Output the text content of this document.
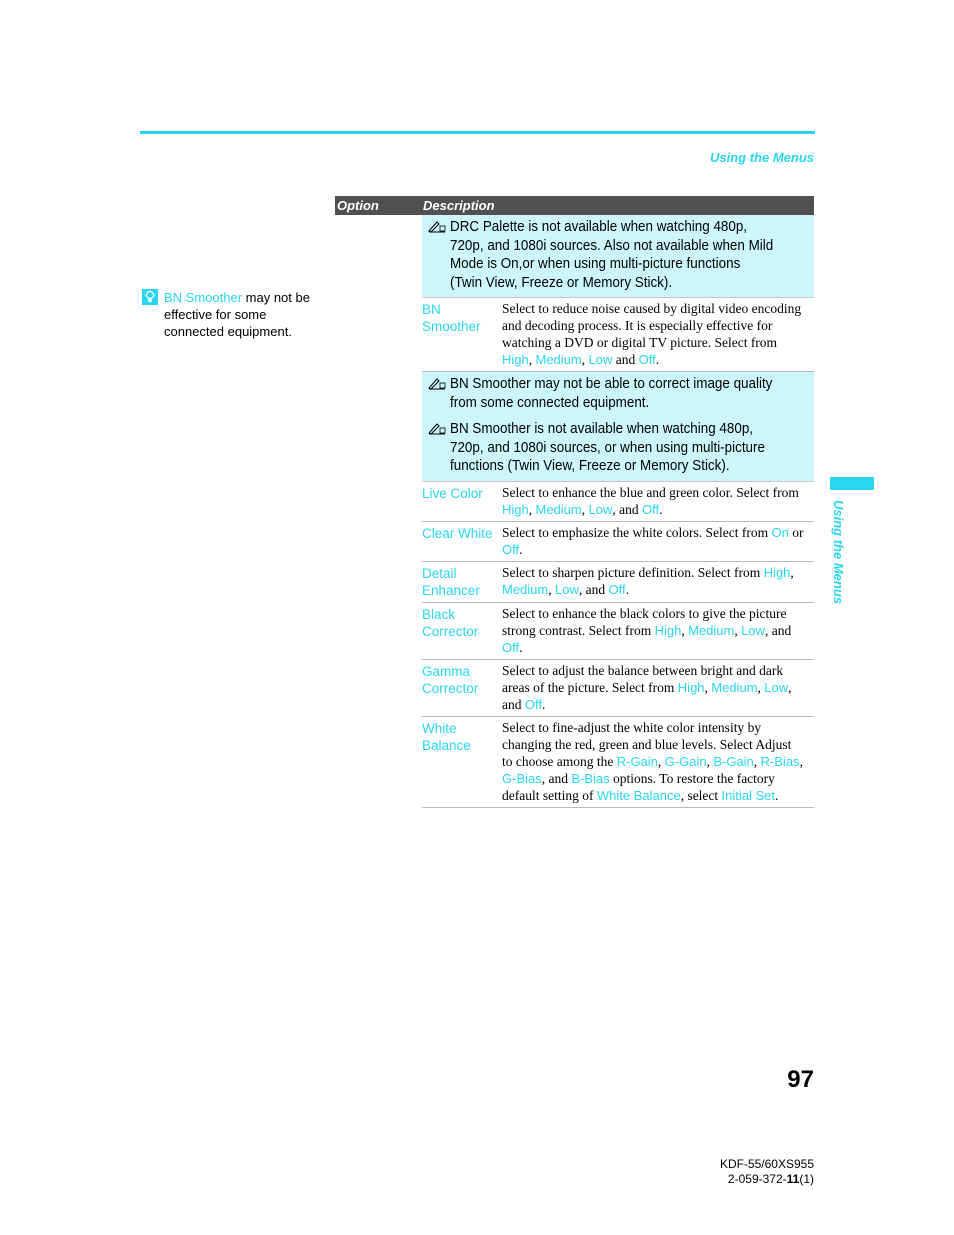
Using the Menus
Using the Menus
BN Smoother may not be effective for some connected equipment.
Option	Description
DRC Palette is not available when watching 480p, 720p, and 1080i sources. Also not available when Mild Mode is On,or when using multi-picture functions (Twin View, Freeze or Memory Stick).
BN Smoother
Select to reduce noise caused by digital video encoding and decoding process. It is especially effective for watching a DVD or digital TV picture. Select from High, Medium, Low and Off.
BN Smoother may not be able to correct image quality from some connected equipment.
BN Smoother is not available when watching 480p, 720p, and 1080i sources, or when using multi-picture functions (Twin View, Freeze or Memory Stick).
Live Color	Select to enhance the blue and green color. Select from High, Medium, Low, and Off.
Clear White Select to emphasize the white colors. Select from On or Off.
Detail Enhancer
Select to sharpen picture definition. Select from High, Medium, Low, and Off.
Black Corrector
Select to enhance the black colors to give the picture strong contrast. Select from High, Medium, Low, and Off.
Gamma Corrector
Select to adjust the balance between bright and dark areas of the picture. Select from High, Medium, Low, and Off.
White Balance
Select to fine-adjust the white color intensity by changing the red, green and blue levels. Select Adjust to choose among the R-Gain, G-Gain, B-Gain, R-Bias, G-Bias, and B-Bias options. To restore the factory default setting of White Balance, select Initial Set.
97
KDF-55/60XS955
2-059-372-11(1)
